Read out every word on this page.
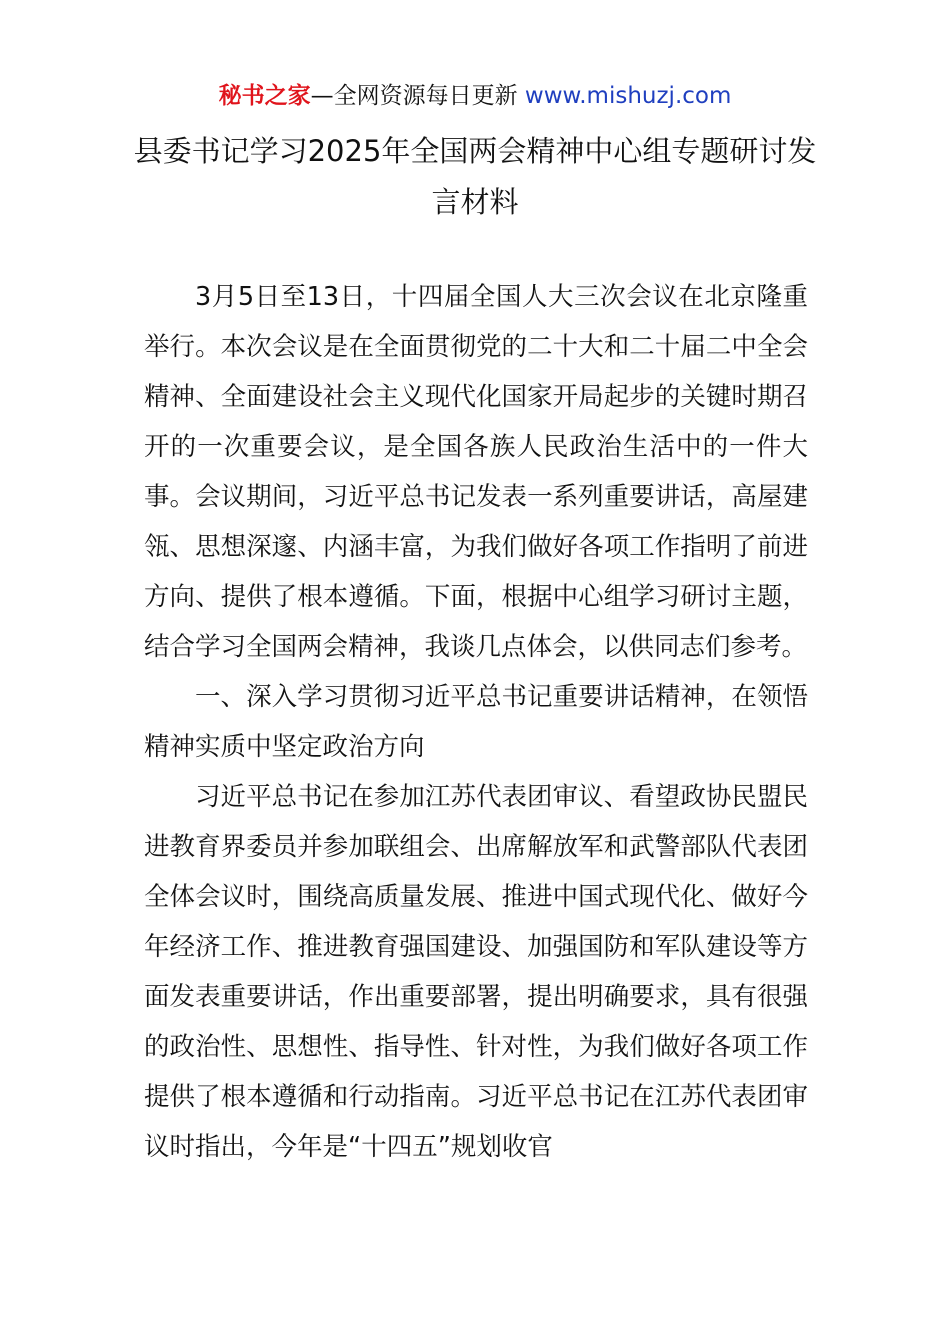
秘书之家—全网资源每日更新 www.mishuzj.com
县委书记学习2025年全国两会精神中心组专题研讨发言材料

3月5日至13日，十四届全国人大三次会议在北京隆重举行。本次会议是在全面贯彻党的二十大和二十届二中全会精神、全面建设社会主义现代化国家开局起步的关键时期召开的一次重要会议，是全国各族人民政治生活中的一件大事。会议期间，习近平总书记发表一系列重要讲话，高屋建瓴、思想深邃、内涵丰富，为我们做好各项工作指明了前进方向、提供了根本遵循。下面，根据中心组学习研讨主题，结合学习全国两会精神，我谈几点体会，以供同志们参考。

一、深入学习贯彻习近平总书记重要讲话精神，在领悟精神实质中坚定政治方向

习近平总书记在参加江苏代表团审议、看望政协民盟民进教育界委员并参加联组会、出席解放军和武警部队代表团全体会议时，围绕高质量发展、推进中国式现代化、做好今年经济工作、推进教育强国建设、加强国防和军队建设等方面发表重要讲话，作出重要部署，提出明确要求，具有很强的政治性、思想性、指导性、针对性，为我们做好各项工作提供了根本遵循和行动指南。习近平总书记在江苏代表团审议时指出，今年是“十四五”规划收官
